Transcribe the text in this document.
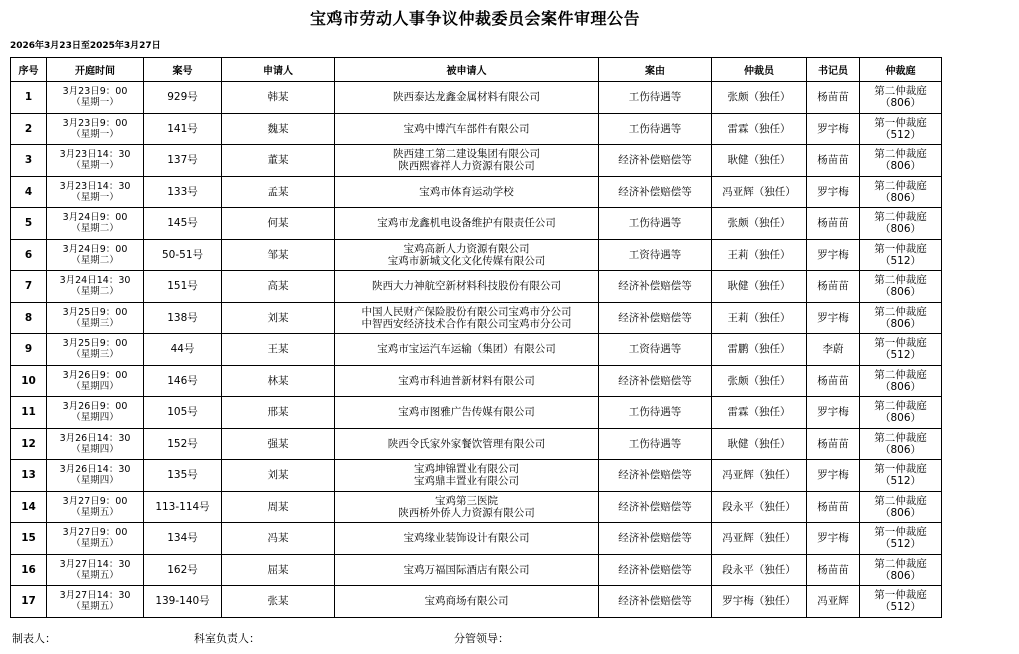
宝鸡市劳动人事争议仲裁委员会案件审理公告
2026年3月23日至2025年3月27日
序号	开庭时间	案号	申请人	被申请人	案由	仲裁员	书记员	仲裁庭

1	3月23日9：00
（星期一）	929号	韩某	陕西泰达龙鑫金属材料有限公司	工伤待遇等	张颇（独任）	杨苗苗	第二仲裁庭
（806）

2	3月23日9：00
（星期一）	141号	魏某	宝鸡中博汽车部件有限公司	工伤待遇等	雷霖（独任）	罗宇梅	第一仲裁庭
（512）

3	3月23日14：30
（星期一）	137号	董某	陕西建工第二建设集团有限公司
陕西熙睿祥人力资源有限公司	经济补偿赔偿等	耿健（独任）	杨苗苗	第二仲裁庭
（806）

4	3月23日14：30
（星期一）	133号	孟某	宝鸡市体育运动学校	经济补偿赔偿等	冯亚辉（独任）	罗宇梅	第二仲裁庭
（806）

5	3月24日9：00
（星期二）	145号	何某	宝鸡市龙鑫机电设备维护有限责任公司	工伤待遇等	张颇（独任）	杨苗苗	第二仲裁庭
（806）

6	3月24日9：00
（星期二）	50-51号	邹某	宝鸡高新人力资源有限公司
宝鸡市新城文化文化传媒有限公司	工资待遇等	王莉（独任）	罗宇梅	第一仲裁庭
（512）

7	3月24日14：30
（星期二）	151号	高某	陕西大力神航空新材料科技股份有限公司	经济补偿赔偿等	耿健（独任）	杨苗苗	第二仲裁庭
（806）

8	3月25日9：00
（星期三）	138号	刘某	中国人民财产保险股份有限公司宝鸡市分公司
中智西安经济技术合作有限公司宝鸡市分公司	经济补偿赔偿等	王莉（独任）	罗宇梅	第二仲裁庭
（806）

9	3月25日9：00
（星期三）	44号	王某	宝鸡市宝运汽车运输（集团）有限公司	工资待遇等	雷鹏（独任）	李蔚	第一仲裁庭
（512）

10	3月26日9：00
（星期四）	146号	林某	宝鸡市科迪普新材料有限公司	经济补偿赔偿等	张颇（独任）	杨苗苗	第二仲裁庭
（806）

11	3月26日9：00
（星期四）	105号	邢某	宝鸡市图雅广告传媒有限公司	工伤待遇等	雷霖（独任）	罗宇梅	第二仲裁庭
（806）

12	3月26日14：30
（星期四）	152号	强某	陕西令氏家外家餐饮管理有限公司	工伤待遇等	耿健（独任）	杨苗苗	第二仲裁庭
（806）

13	3月26日14：30
（星期四）	135号	刘某	宝鸡坤锦置业有限公司
宝鸡鼎丰置业有限公司	经济补偿赔偿等	冯亚辉（独任）	罗宇梅	第一仲裁庭
（512）

14	3月27日9：00
（星期五）	113-114号	周某	宝鸡第三医院
陕西桥外侨人力资源有限公司	经济补偿赔偿等	段永平（独任）	杨苗苗	第二仲裁庭
（806）

15	3月27日9：00
（星期五）	134号	冯某	宝鸡缘业装饰设计有限公司	经济补偿赔偿等	冯亚辉（独任）	罗宇梅	第一仲裁庭
（512）

16	3月27日14：30
（星期五）	162号	屈某	宝鸡万福国际酒店有限公司	经济补偿赔偿等	段永平（独任）	杨苗苗	第二仲裁庭
（806）

17	3月27日14：30
（星期五）	139-140号	张某	宝鸡商场有限公司	经济补偿赔偿等	罗宇梅（独任）	冯亚辉	第一仲裁庭
（512）
制表人：	科室负责人：	分管领导：
